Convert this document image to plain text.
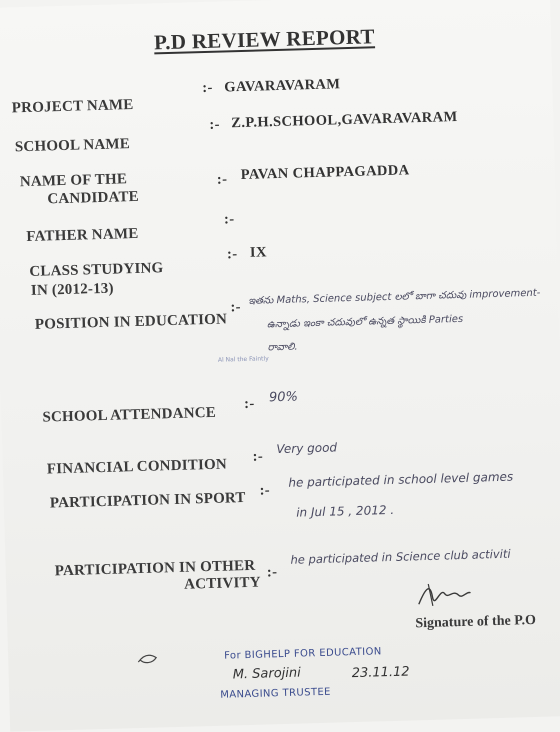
P.D REVIEW REPORT
PROJECT NAME
:- GAVARAVARAM
SCHOOL NAME
:- Z.P.H.SCHOOL,GAVARAVARAM
NAME OF THE
CANDIDATE
:- PAVAN CHAPPAGADDA
FATHER NAME
:-
CLASS STUDYING
IN (2012-13)
:- IX
POSITION IN EDUCATION
:-
ఇతను Maths, Science subject లలో బాగా చదువు improvement-
ఉన్నాడు ఇంకా చదువులో ఉన్నత స్థాయికి Parties
రావాలి.
Al Nal the Faintly
SCHOOL ATTENDANCE
:- 90%
FINANCIAL CONDITION :-
Very good
PARTICIPATION IN SPORT :-
he participated in school level games
in Jul 15 , 2012 .
PARTICIPATION IN OTHER
ACTIVITY
:-
he participated in Science club activiti
Signature of the P.O
For BIGHELP FOR EDUCATION
M. Sarojini	23.11.12
MANAGING TRUSTEE
